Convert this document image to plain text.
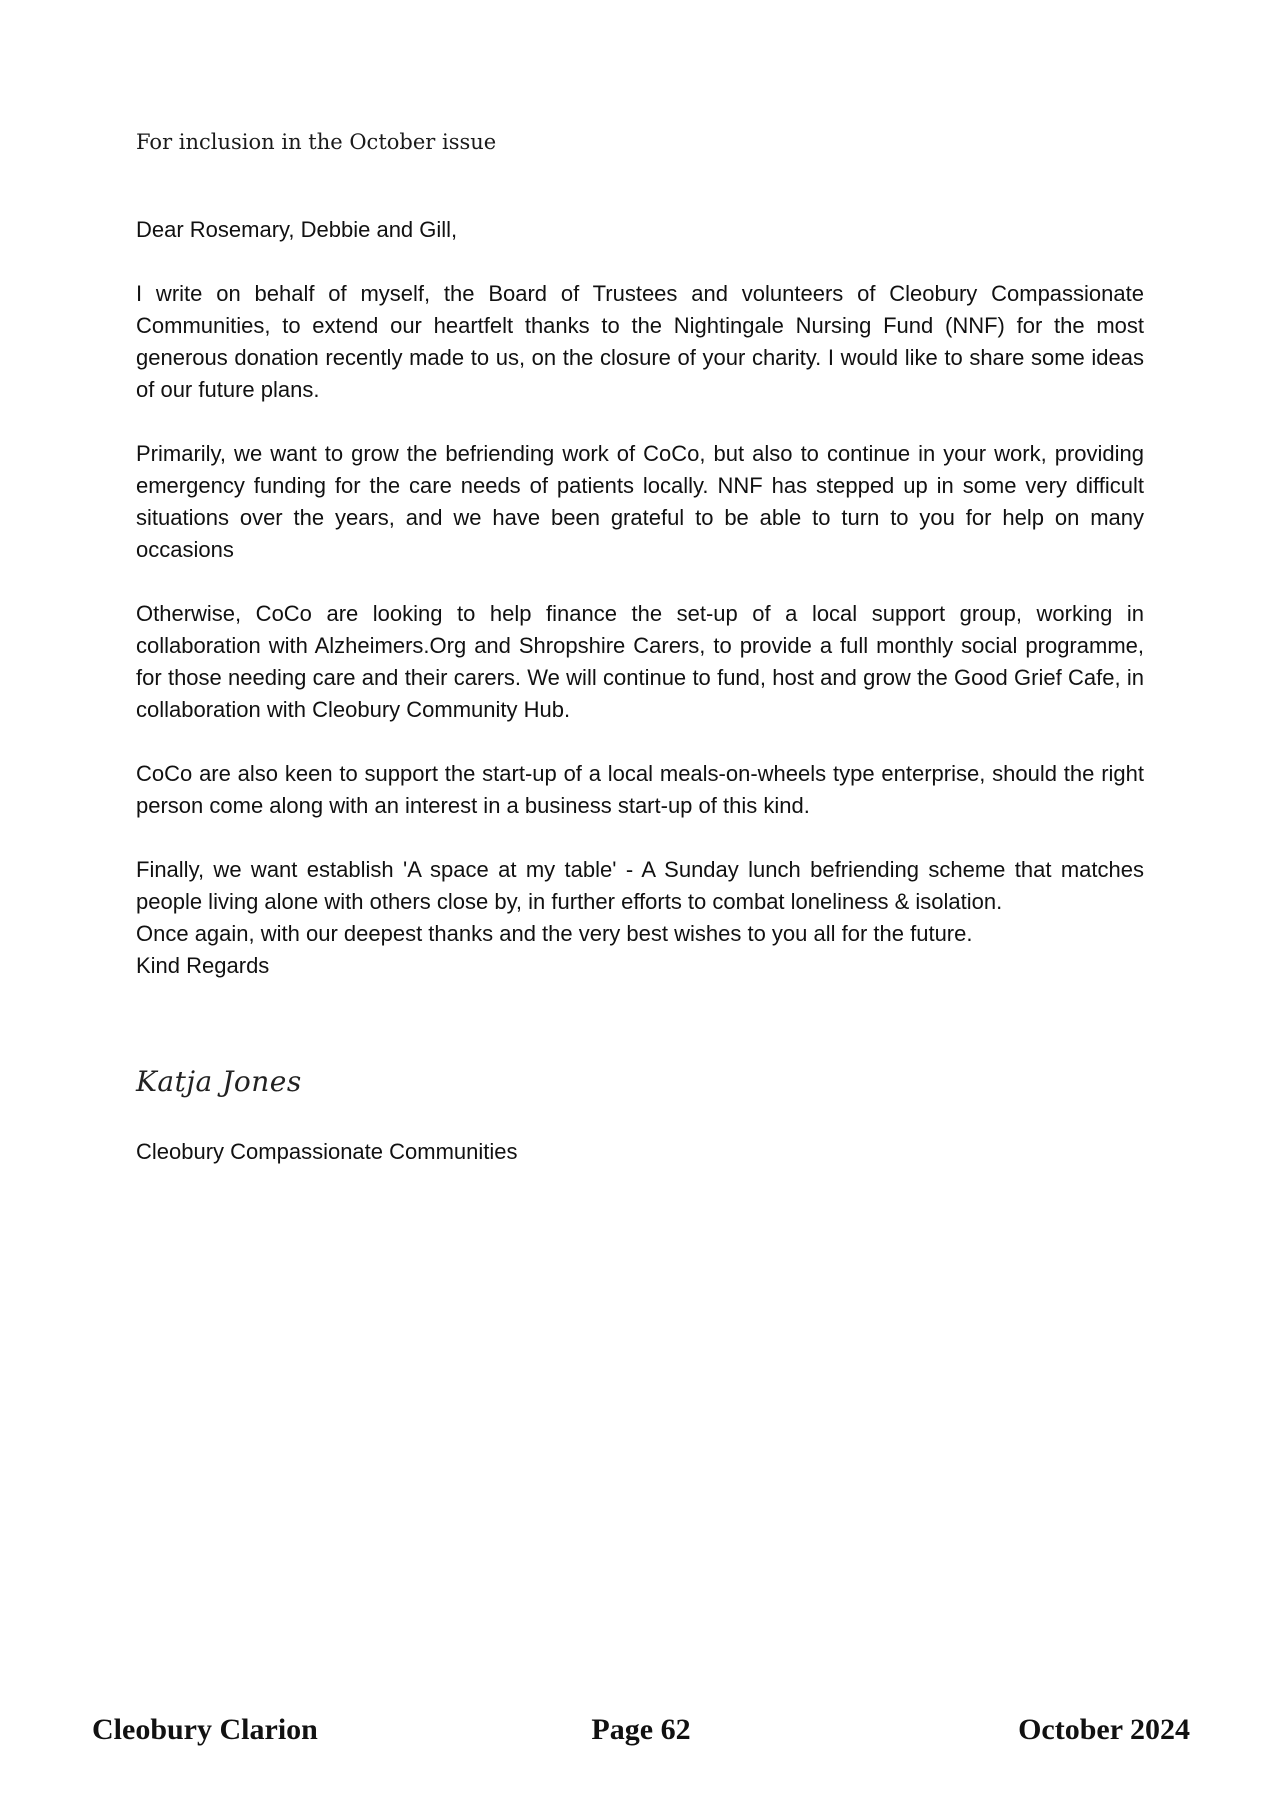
For inclusion in the October issue

Dear Rosemary, Debbie and Gill,

I write on behalf of myself, the Board of Trustees and volunteers of Cleobury Compassionate Communities, to extend our heartfelt thanks to the Nightingale Nursing Fund (NNF) for the most generous donation recently made to us, on the closure of your charity. I would like to share some ideas of our future plans.

Primarily, we want to grow the befriending work of CoCo, but also to continue in your work, providing emergency funding for the care needs of patients locally. NNF has stepped up in some very difficult situations over the years, and we have been grateful to be able to turn to you for help on many occasions

Otherwise, CoCo are looking to help finance the set-up of a local support group, working in collaboration with Alzheimers.Org and Shropshire Carers, to provide a full monthly social programme, for those needing care and their carers. We will continue to fund, host and grow the Good Grief Cafe, in collaboration with Cleobury Community Hub.

CoCo are also keen to support the start-up of a local meals-on-wheels type enterprise, should the right person come along with an interest in a business start-up of this kind.

Finally, we want establish 'A space at my table' - A Sunday lunch befriending scheme that matches people living alone with others close by, in further efforts to combat loneliness & isolation.

Once again, with our deepest thanks and the very best wishes to you all for the future.

Kind Regards

Katja Jones
Cleobury Compassionate Communities
Cleobury Clarion	Page 62	October 2024
